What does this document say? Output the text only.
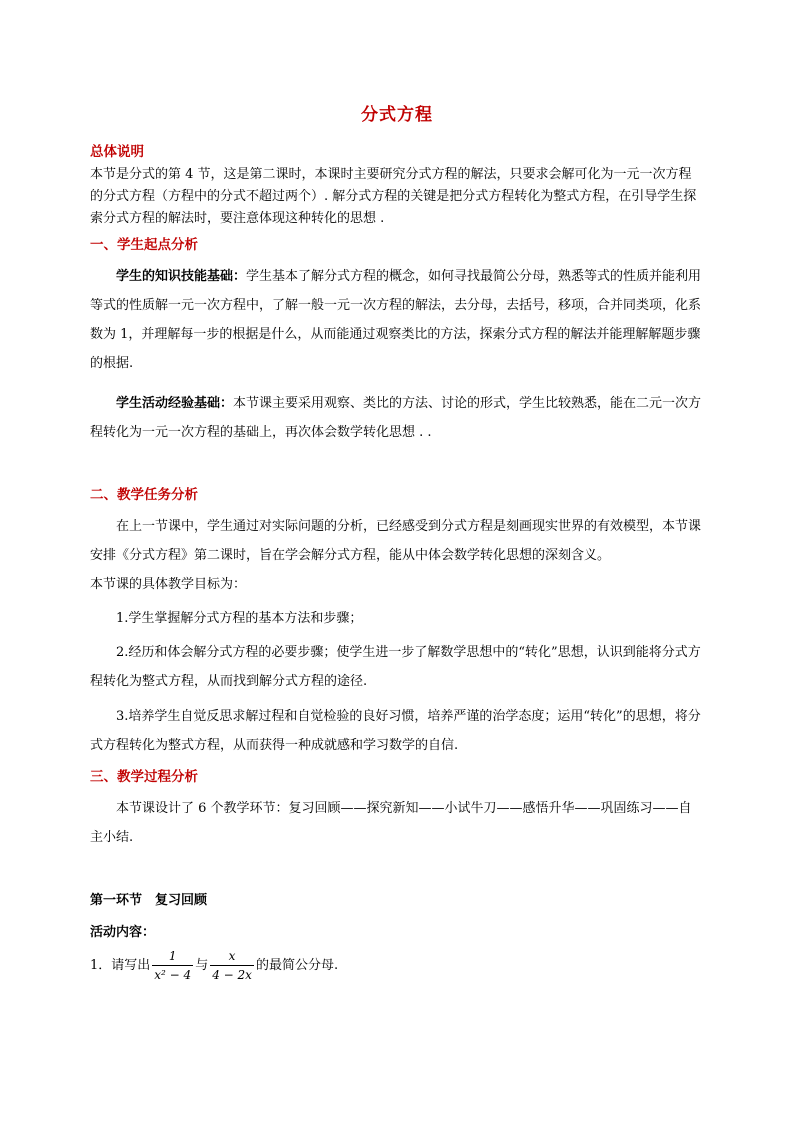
分式方程
总体说明
本节是分式的第 4 节，这是第二课时，本课时主要研究分式方程的解法，只要求会解可化为一元一次方程的分式方程（方程中的分式不超过两个）. 解分式方程的关键是把分式方程转化为整式方程，在引导学生探索分式方程的解法时，要注意体现这种转化的思想 .
一、学生起点分析
学生的知识技能基础：学生基本了解分式方程的概念，如何寻找最简公分母，熟悉等式的性质并能利用等式的性质解一元一次方程中，了解一般一元一次方程的解法，去分母，去括号，移项，合并同类项，化系数为 1，并理解每一步的根据是什么，从而能通过观察类比的方法，探索分式方程的解法并能理解解题步骤的根据.
学生活动经验基础：本节课主要采用观察、类比的方法、讨论的形式，学生比较熟悉，能在二元一次方程转化为一元一次方程的基础上，再次体会数学转化思想 . .
二、教学任务分析
在上一节课中，学生通过对实际问题的分析，已经感受到分式方程是刻画现实世界的有效模型，本节课安排《分式方程》第二课时，旨在学会解分式方程，能从中体会数学转化思想的深刻含义。
本节课的具体教学目标为：
1.学生掌握解分式方程的基本方法和步骤；
2.经历和体会解分式方程的必要步骤；使学生进一步了解数学思想中的“转化”思想，认识到能将分式方程转化为整式方程，从而找到解分式方程的途径.
3.培养学生自觉反思求解过程和自觉检验的良好习惯，培养严谨的治学态度；运用“转化”的思想，将分式方程转化为整式方程，从而获得一种成就感和学习数学的自信.
三、教学过程分析
本节课设计了 6 个教学环节：复习回顾——探究新知——小试牛刀——感悟升华——巩固练习——自主小结.
第一环节　复习回顾
活动内容：
1．请写出 $\frac{1}{\text{x² − 4}}$ 与 $\frac{x}{4 - 2x}$ 的最简公分母.
